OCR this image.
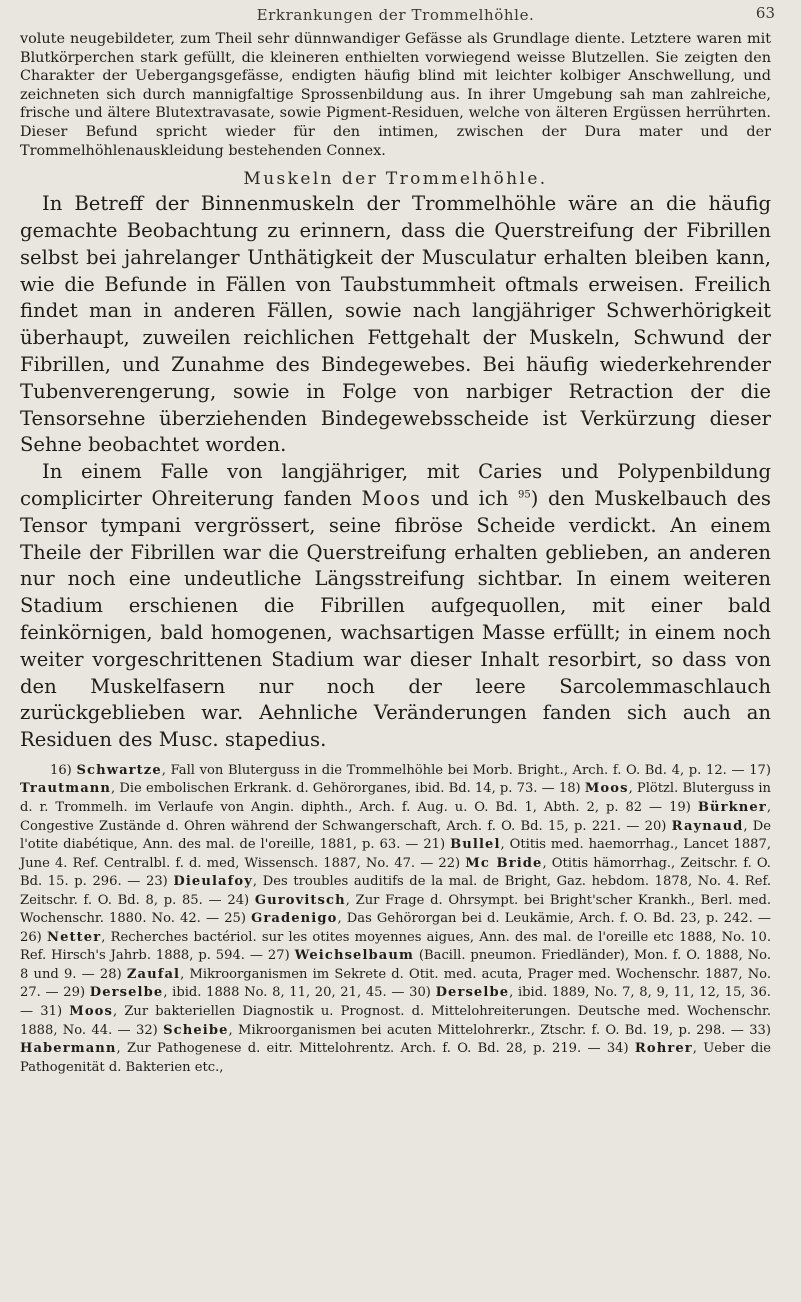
Erkrankungen der Trommelhöhle.	63

volute neugebildeter, zum Theil sehr dünnwandiger Gefässe als Grundlage diente. Letztere waren mit Blutkörperchen stark gefüllt, die kleineren enthielten vorwiegend weisse Blutzellen. Sie zeigten den Charakter der Uebergangsgefässe, endigten häufig blind mit leichter kolbiger Anschwellung, und zeichneten sich durch mannigfaltige Sprossenbildung aus. In ihrer Umgebung sah man zahlreiche, frische und ältere Blutextravasate, sowie Pigment-Residuen, welche von älteren Ergüssen herrührten. Dieser Befund spricht wieder für den intimen, zwischen der Dura mater und der Trommelhöhlenauskleidung bestehenden Connex.

Muskeln der Trommelhöhle.

In Betreff der Binnenmuskeln der Trommelhöhle wäre an die häufig gemachte Beobachtung zu erinnern, dass die Querstreifung der Fibrillen selbst bei jahrelanger Unthätigkeit der Musculatur erhalten bleiben kann, wie die Befunde in Fällen von Taubstummheit oftmals erweisen. Freilich findet man in anderen Fällen, sowie nach langjähriger Schwerhörigkeit überhaupt, zuweilen reichlichen Fettgehalt der Muskeln, Schwund der Fibrillen, und Zunahme des Bindegewebes. Bei häufig wiederkehrender Tubenverengerung, sowie in Folge von narbiger Retraction der die Tensorsehne überziehenden Bindegewebsscheide ist Verkürzung dieser Sehne beobachtet worden.

In einem Falle von langjähriger, mit Caries und Polypenbildung complicirter Ohreiterung fanden Moos und ich $^{95}$) den Muskelbauch des Tensor tympani vergrössert, seine fibröse Scheide verdickt. An einem Theile der Fibrillen war die Querstreifung erhalten geblieben, an anderen nur noch eine undeutliche Längsstreifung sichtbar. In einem weiteren Stadium erschienen die Fibrillen aufgequollen, mit einer bald feinkörnigen, bald homogenen, wachsartigen Masse erfüllt; in einem noch weiter vorgeschrittenen Stadium war dieser Inhalt resorbirt, so dass von den Muskelfasern nur noch der leere Sarcolemmaschlauch zurückgeblieben war. Aehnliche Veränderungen fanden sich auch an Residuen des Musc. stapedius.

16) Schwartze, Fall von Bluterguss in die Trommelhöhle bei Morb. Bright., Arch. f. O. Bd. 4, p. 12. — 17) Trautmann, Die embolischen Erkrank. d. Gehörorganes, ibid. Bd. 14, p. 73. — 18) Moos, Plötzl. Bluterguss in d. r. Trommelh. im Verlaufe von Angin. diphth., Arch. f. Aug. u. O. Bd. 1, Abth. 2, p. 82 — 19) Bürkner, Congestive Zustände d. Ohren während der Schwangerschaft, Arch. f. O. Bd. 15, p. 221. — 20) Raynaud, De l'otite diabétique, Ann. des mal. de l'oreille, 1881, p. 63. — 21) Bullel, Otitis med. haemorrhag., Lancet 1887, June 4. Ref. Centralbl. f. d. med, Wissensch. 1887, No. 47. — 22) Mc Bride, Otitis hämorrhag., Zeitschr. f. O. Bd. 15. p. 296. — 23) Dieulafoy, Des troubles auditifs de la mal. de Bright, Gaz. hebdom. 1878, No. 4. Ref. Zeitschr. f. O. Bd. 8, p. 85. — 24) Gurovitsch, Zur Frage d. Ohrsympt. bei Bright'scher Krankh., Berl. med. Wochenschr. 1880. No. 42. — 25) Gradenigo, Das Gehörorgan bei d. Leukämie, Arch. f. O. Bd. 23, p. 242. — 26) Netter, Recherches bactériol. sur les otites moyennes aigues, Ann. des mal. de l'oreille etc 1888, No. 10. Ref. Hirsch's Jahrb. 1888, p. 594. — 27) Weichselbaum (Bacill. pneumon. Friedländer), Mon. f. O. 1888, No. 8 und 9. — 28) Zaufal, Mikroorganismen im Sekrete d. Otit. med. acuta, Prager med. Wochenschr. 1887, No. 27. — 29) Derselbe, ibid. 1888 No. 8, 11, 20, 21, 45. — 30) Derselbe, ibid. 1889, No. 7, 8, 9, 11, 12, 15, 36. — 31) Moos, Zur bakteriellen Diagnostik u. Prognost. d. Mittelohreiterungen. Deutsche med. Wochenschr. 1888, No. 44. — 32) Scheibe, Mikroorganismen bei acuten Mittelohrerkr., Ztschr. f. O. Bd. 19, p. 298. — 33) Habermann, Zur Pathogenese d. eitr. Mittelohrentz. Arch. f. O. Bd. 28, p. 219. — 34) Rohrer, Ueber die Pathogenität d. Bakterien etc.,
